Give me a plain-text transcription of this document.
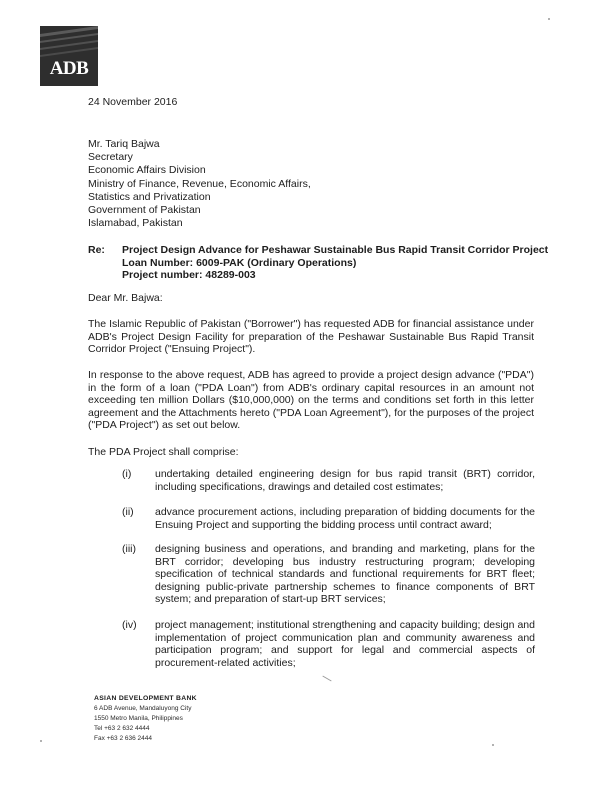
ADB
24 November 2016
Mr. Tariq Bajwa
Secretary
Economic Affairs Division
Ministry of Finance, Revenue, Economic Affairs,
Statistics and Privatization
Government of Pakistan
Islamabad, Pakistan
Re: Project Design Advance for Peshawar Sustainable Bus Rapid Transit Corridor Project
Loan Number: 6009-PAK (Ordinary Operations)
Project number: 48289-003
Dear Mr. Bajwa:

The Islamic Republic of Pakistan ("Borrower") has requested ADB for financial assistance under ADB's Project Design Facility for preparation of the Peshawar Sustainable Bus Rapid Transit Corridor Project ("Ensuing Project").

In response to the above request, ADB has agreed to provide a project design advance ("PDA") in the form of a loan ("PDA Loan") from ADB's ordinary capital resources in an amount not exceeding ten million Dollars ($10,000,000) on the terms and conditions set forth in this letter agreement and the Attachments hereto ("PDA Loan Agreement"), for the purposes of the project ("PDA Project") as set out below.

The PDA Project shall comprise:

(i)	undertaking detailed engineering design for bus rapid transit (BRT) corridor, including specifications, drawings and detailed cost estimates;
(ii)	advance procurement actions, including preparation of bidding documents for the Ensuing Project and supporting the bidding process until contract award;
(iii)	designing business and operations, and branding and marketing, plans for the BRT corridor; developing bus industry restructuring program; developing specification of technical standards and functional requirements for BRT fleet; designing public-private partnership schemes to finance components of BRT system; and preparation of start-up BRT services;
(iv)	project management; institutional strengthening and capacity building; design and implementation of project communication plan and community awareness and participation program; and support for legal and commercial aspects of procurement-related activities;
ASIAN DEVELOPMENT BANK
6 ADB Avenue, Mandaluyong City
1550 Metro Manila, Philippines
Tel +63 2 632 4444
Fax +63 2 636 2444
